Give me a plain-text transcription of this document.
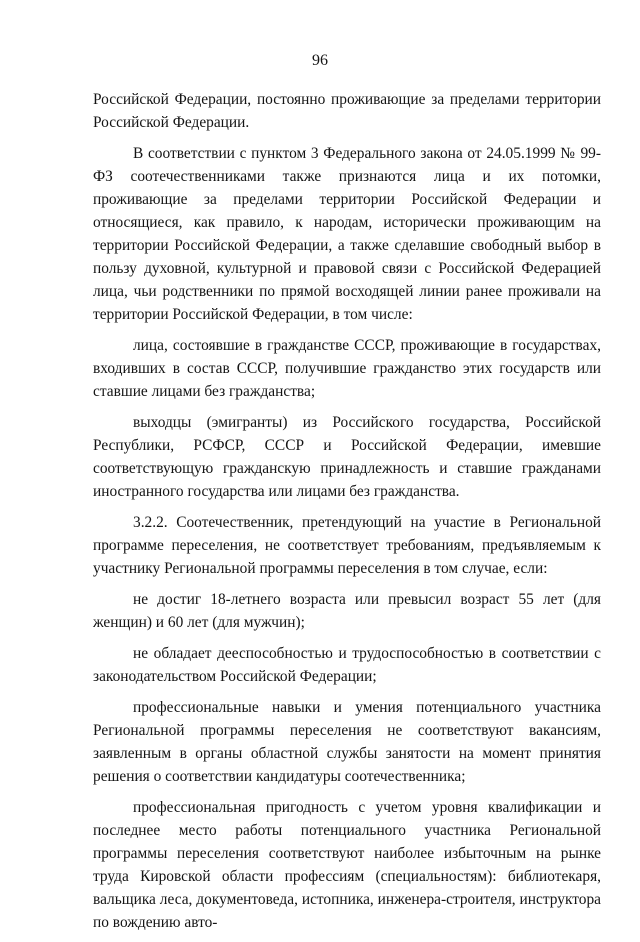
96

Российской Федерации, постоянно проживающие за пределами территории Российской Федерации.

В соответствии с пунктом 3 Федерального закона от 24.05.1999 № 99-ФЗ соотечественниками также признаются лица и их потомки, проживающие за пределами территории Российской Федерации и относящиеся, как правило, к народам, исторически проживающим на территории Российской Федерации, а также сделавшие свободный выбор в пользу духовной, культурной и правовой связи с Российской Федерацией лица, чьи родственники по прямой восходящей линии ранее проживали на территории Российской Федерации, в том числе:

лица, состоявшие в гражданстве СССР, проживающие в государствах, входивших в состав СССР, получившие гражданство этих государств или ставшие лицами без гражданства;

выходцы (эмигранты) из Российского государства, Российской Республики, РСФСР, СССР и Российской Федерации, имевшие соответствующую гражданскую принадлежность и ставшие гражданами иностранного государства или лицами без гражданства.

3.2.2. Соотечественник, претендующий на участие в Региональной программе переселения, не соответствует требованиям, предъявляемым к участнику Региональной программы переселения в том случае, если:

не достиг 18-летнего возраста или превысил возраст 55 лет (для женщин) и 60 лет (для мужчин);

не обладает дееспособностью и трудоспособностью в соответствии с законодательством Российской Федерации;

профессиональные навыки и умения потенциального участника Региональной программы переселения не соответствуют вакансиям, заявленным в органы областной службы занятости на момент принятия решения о соответствии кандидатуры соотечественника;

профессиональная пригодность с учетом уровня квалификации и последнее место работы потенциального участника Региональной программы переселения соответствуют наиболее избыточным на рынке труда Кировской области профессиям (специальностям): библиотекаря, вальщика леса, документоведа, истопника, инженера-строителя, инструктора по вождению авто-
